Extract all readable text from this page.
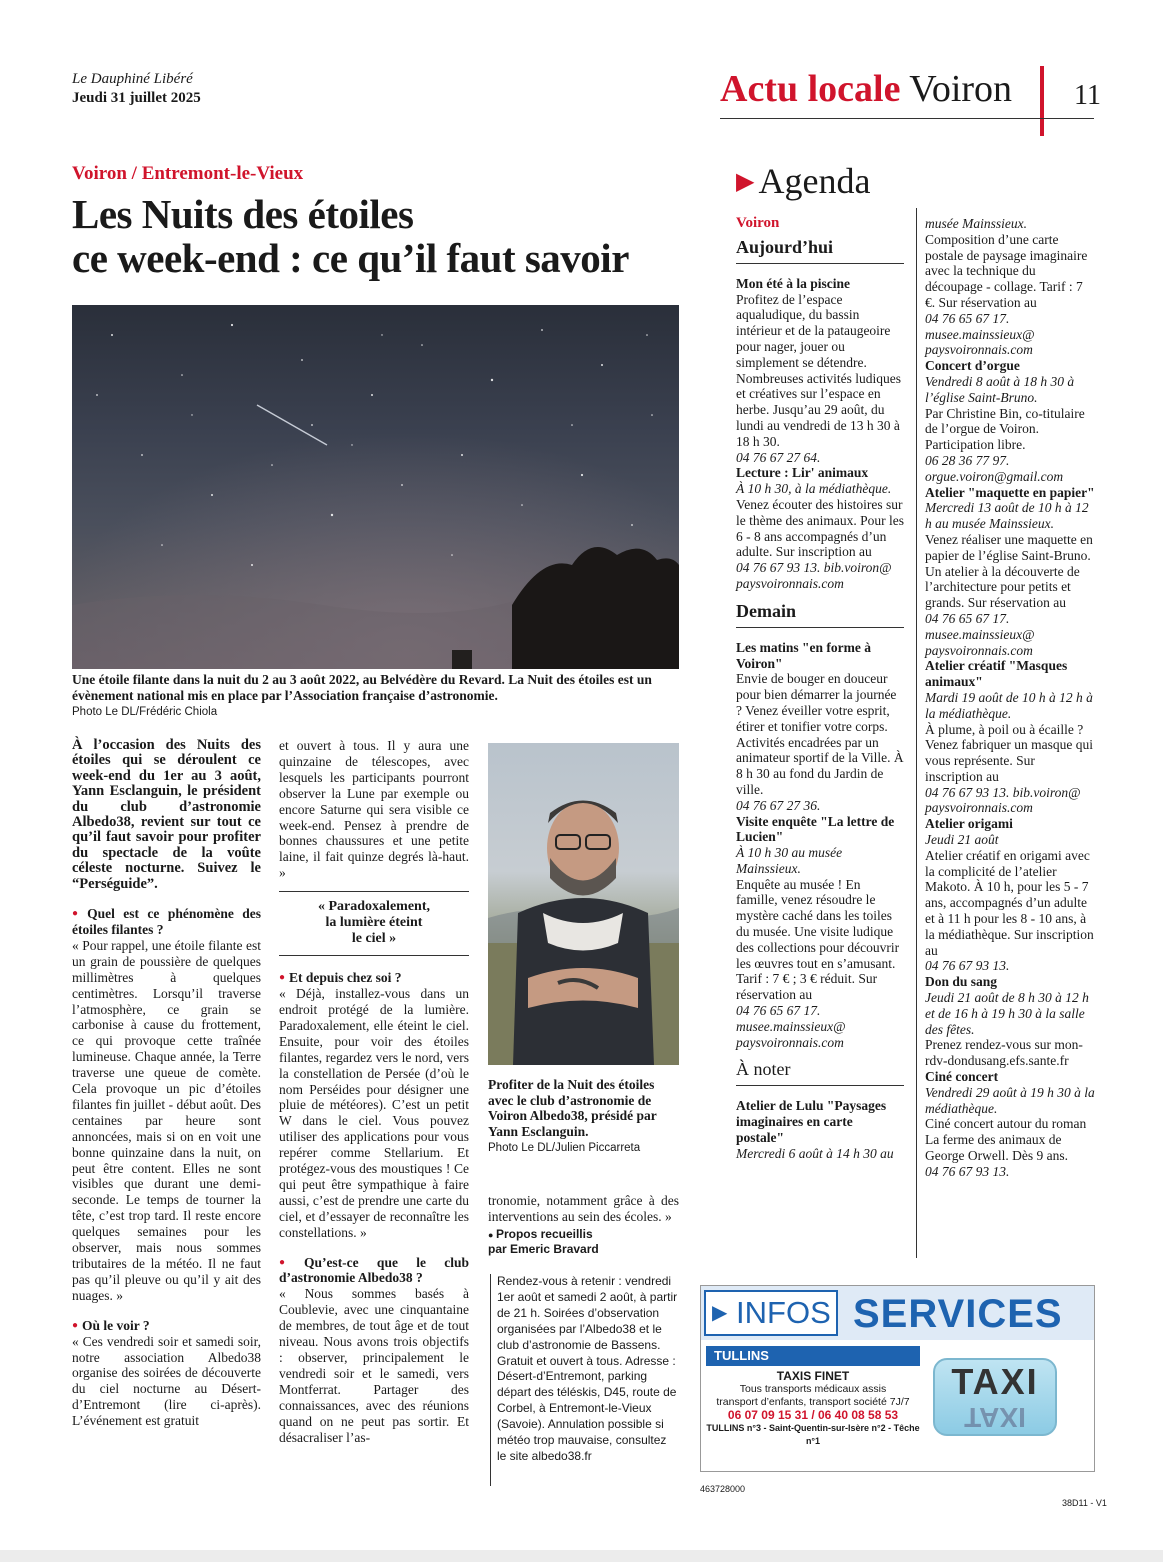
Le Dauphiné Libéré
Jeudi 31 juillet 2025	Actu locale Voiron 11
Voiron / Entremont-le-Vieux
Les Nuits des étoiles
ce week-end : ce qu’il faut savoir
Une étoile filante dans la nuit du 2 au 3 août 2022, au Belvédère du Revard. La Nuit des étoiles est un évènement national mis en place par l’Association française d’astronomie.
Photo Le DL/Frédéric Chiola

À l’occasion des Nuits des étoiles qui se déroulent ce week-end du 1er au 3 août, Yann Esclanguin, le président du club d’astronomie Albedo38, revient sur tout ce qu’il faut savoir pour profiter du spectacle de la voûte céleste nocturne. Suivez le “Perséguide”.

● Quel est ce phénomène des étoiles filantes ?

« Pour rappel, une étoile filante est un grain de poussière de quelques millimètres à quelques centimètres. Lorsqu’il traverse l’atmosphère, ce grain se carbonise à cause du frottement, ce qui provoque cette traînée lumineuse. Chaque année, la Terre traverse une queue de comète. Cela provoque un pic d’étoiles filantes fin juillet - début août. Des centaines par heure sont annoncées, mais si on en voit une bonne quinzaine dans la nuit, on peut être content. Elles ne sont visibles que durant une demi-seconde. Le temps de tourner la tête, c’est trop tard. Il reste encore quelques semaines pour les observer, mais nous sommes tributaires de la météo. Il ne faut pas qu’il pleuve ou qu’il y ait des nuages. »

● Où le voir ?

« Ces vendredi soir et samedi soir, notre association Albedo38 organise des soirées de découverte du ciel nocturne au Désert-d’Entremont (lire ci-après). L’événement est gratuit

et ouvert à tous. Il y aura une quinzaine de télescopes, avec lesquels les participants pourront observer la Lune par exemple ou encore Saturne qui sera visible ce week-end. Pensez à prendre de bonnes chaussures et une petite laine, il fait quinze degrés là-haut. »

« Paradoxalement,
la lumière éteint
le ciel »

● Et depuis chez soi ?

« Déjà, installez-vous dans un endroit protégé de la lumière. Paradoxalement, elle éteint le ciel. Ensuite, pour voir des étoiles filantes, regardez vers le nord, vers la constellation de Persée (d’où le nom Perséides pour désigner une pluie de météores). C’est un petit W dans le ciel. Vous pouvez utiliser des applications pour vous repérer comme Stellarium. Et protégez-vous des moustiques ! Ce qui peut être sympathique à faire aussi, c’est de prendre une carte du ciel, et d’essayer de reconnaître les constellations. »

● Qu’est-ce que le club d’astronomie Albedo38 ?

« Nous sommes basés à Coublevie, avec une cinquantaine de membres, de tout âge et de tout niveau. Nous avons trois objectifs : observer, principalement le vendredi soir et le samedi, vers Montferrat. Partager des connaissances, avec des réunions quand on ne peut pas sortir. Et désacraliser l’as-

Profiter de la Nuit des étoiles avec le club d’astronomie de Voiron Albedo38, présidé par Yann Esclanguin.
Photo Le DL/Julien Piccarreta

tronomie, notamment grâce à des interventions au sein des écoles. »

● Propos recueillis
par Emeric Bravard

Rendez-vous à retenir : vendredi 1er août et samedi 2 août, à partir de 21 h. Soirées d’observation organisées par l’Albedo38 et le club d’astronomie de Bassens. Gratuit et ouvert à tous. Adresse : Désert-d’Entremont, parking départ des téléskis, D45, route de Corbel, à Entremont-le-Vieux (Savoie). Annulation possible si météo trop mauvaise, consultez le site albedo38.fr

▶ Agenda
Voiron
Aujourd’hui
Mon été à la piscine
Profitez de l’espace aqualudique, du bassin intérieur et de la pataugeoire pour nager, jouer ou simplement se détendre. Nombreuses activités ludiques et créatives sur l’espace en herbe. Jusqu’au 29 août, du lundi au vendredi de 13 h 30 à 18 h 30.
04 76 67 27 64.
Lecture : Lir' animaux
À 10 h 30, à la médiathèque.
Venez écouter des histoires sur le thème des animaux. Pour les 6 - 8 ans accompagnés d’un adulte. Sur inscription au
04 76 67 93 13. bib.voiron@ paysvoironnais.com
Demain
Les matins "en forme à Voiron"
Envie de bouger en douceur pour bien démarrer la journée ? Venez éveiller votre esprit, étirer et tonifier votre corps. Activités encadrées par un animateur sportif de la Ville. À 8 h 30 au fond du Jardin de ville.
04 76 67 27 36.
Visite enquête "La lettre de Lucien"
À 10 h 30 au musée Mainssieux.
Enquête au musée ! En famille, venez résoudre le mystère caché dans les toiles du musée. Une visite ludique des collections pour découvrir les œuvres tout en s’amusant. Tarif : 7 € ; 3 € réduit. Sur réservation au
04 76 65 67 17. musee.mainssieux@ paysvoironnais.com
À noter
Atelier de Lulu "Paysages imaginaires en carte postale"
Mercredi 6 août à 14 h 30 au
musée Mainssieux. Composition d’une carte postale de paysage imaginaire avec la technique du découpage - collage. Tarif : 7 €. Sur réservation au
04 76 65 67 17. musee.mainssieux@ paysvoironnais.com
Concert d’orgue
Vendredi 8 août à 18 h 30 à l’église Saint-Bruno.
Par Christine Bin, co-titulaire de l’orgue de Voiron. Participation libre.
06 28 36 77 97. orgue.voiron@gmail.com
Atelier "maquette en papier"
Mercredi 13 août de 10 h à 12 h au musée Mainssieux.
Venez réaliser une maquette en papier de l’église Saint-Bruno. Un atelier à la découverte de l’architecture pour petits et grands. Sur réservation au
04 76 65 67 17. musee.mainssieux@ paysvoironnais.com
Atelier créatif "Masques animaux"
Mardi 19 août de 10 h à 12 h à la médiathèque.
À plume, à poil ou à écaille ? Venez fabriquer un masque qui vous représente. Sur inscription au
04 76 67 93 13. bib.voiron@ paysvoironnais.com
Atelier origami
Jeudi 21 août
Atelier créatif en origami avec la complicité de l’atelier Makoto. À 10 h, pour les 5 - 7 ans, accompagnés d’un adulte et à 11 h pour les 8 - 10 ans, à la médiathèque. Sur inscription au
04 76 67 93 13.
Don du sang
Jeudi 21 août de 8 h 30 à 12 h et de 16 h à 19 h 30 à la salle des fêtes.
Prenez rendez-vous sur mon-rdv-dondusang.efs.sante.fr
Ciné concert
Vendredi 29 août à 19 h 30 à la médiathèque.
Ciné concert autour du roman La ferme des animaux de George Orwell. Dès 9 ans.
04 76 67 93 13.
▶ INFOS SERVICES
TULLINS
TAXIS FINET
Tous transports médicaux assis
transport d’enfants, transport société 7J/7
06 07 09 15 31 / 06 40 08 58 53
TULLINS n°3 - Saint-Quentin-sur-Isère n°2 - Têche n°1
TAXI
TAXI
463728000
38D11 - V1
